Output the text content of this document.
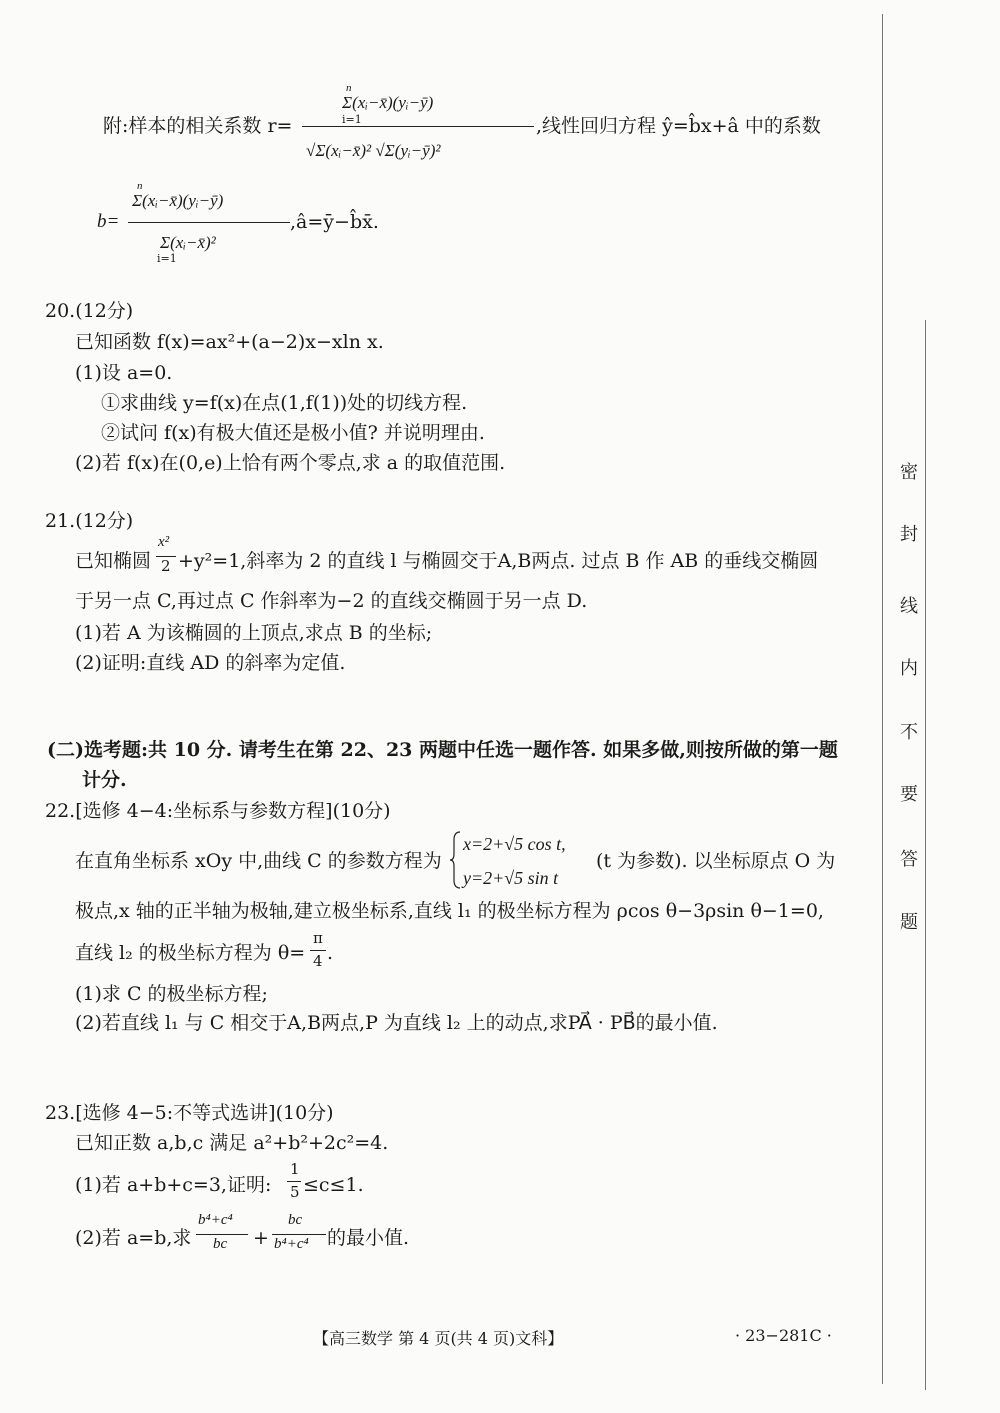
密
封
线
内
不
要
答
题
附:样本的相关系数 r=
n
Σ(xᵢ−x̄)(yᵢ−ȳ)
i=1
√Σ(xᵢ−x̄)² √Σ(yᵢ−ȳ)²
,线性回归方程 ŷ=b̂x+â 中的系数
b=
n
Σ(xᵢ−x̄)(yᵢ−ȳ)
Σ(xᵢ−x̄)²
i=1
,â=ȳ−b̂x̄.
20.(12分)
已知函数 f(x)=ax²+(a−2)x−xln x.
(1)设 a=0.
①求曲线 y=f(x)在点(1,f(1))处的切线方程.
②试问 f(x)有极大值还是极小值? 并说明理由.
(2)若 f(x)在(0,e)上恰有两个零点,求 a 的取值范围.
21.(12分)
已知椭圆
x²
2 +y²=1,斜率为 2 的直线 l 与椭圆交于A,B两点. 过点 B 作 AB 的垂线交椭圆
于另一点 C,再过点 C 作斜率为−2 的直线交椭圆于另一点 D.
(1)若 A 为该椭圆的上顶点,求点 B 的坐标;
(2)证明:直线 AD 的斜率为定值.
(二)选考题:共 10 分. 请考生在第 22、23 两题中任选一题作答. 如果多做,则按所做的第一题
计分.
22.[选修 4−4:坐标系与参数方程](10分)
在直角坐标系 xOy 中,曲线 C 的参数方程为
x=2+√5 cos t,
y=2+√5 sin t
(t 为参数). 以坐标原点 O 为
极点,x 轴的正半轴为极轴,建立极坐标系,直线 l₁ 的极坐标方程为 ρcos θ−3ρsin θ−1=0,
直线 l₂ 的极坐标方程为 θ=
π
4 .
(1)求 C 的极坐标方程;
(2)若直线 l₁ 与 C 相交于A,B两点,P 为直线 l₂ 上的动点,求PA⃗ · PB⃗的最小值.
23.[选修 4−5:不等式选讲](10分)
已知正数 a,b,c 满足 a²+b²+2c²=4.
(1)若 a+b+c=3,证明:
1
5 ≤c≤1.
(2)若 a=b,求
b⁴+c⁴
bc +
bc
b⁴+c⁴ 的最小值.
【高三数学 第 4 页(共 4 页)文科】	· 23−281C ·
